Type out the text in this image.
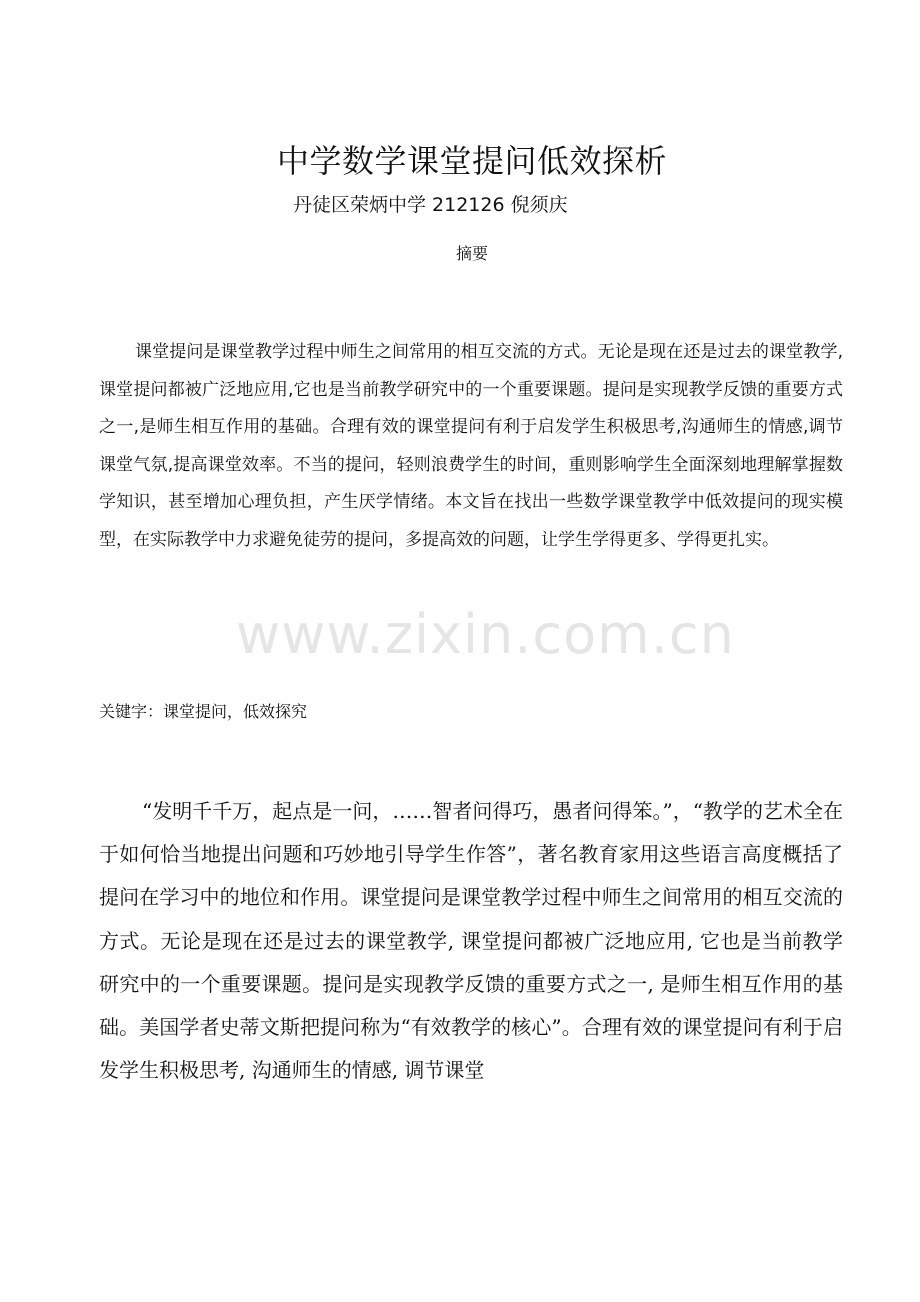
中学数学课堂提问低效探析
丹徒区荣炳中学 212126 倪须庆
摘要

课堂提问是课堂教学过程中师生之间常用的相互交流的方式。无论是现在还是过去的课堂教学,课堂提问都被广泛地应用,它也是当前教学研究中的一个重要课题。提问是实现教学反馈的重要方式之一,是师生相互作用的基础。合理有效的课堂提问有利于启发学生积极思考,沟通师生的情感,调节课堂气氛,提高课堂效率。不当的提问，轻则浪费学生的时间，重则影响学生全面深刻地理解掌握数学知识，甚至增加心理负担，产生厌学情绪。本文旨在找出一些数学课堂教学中低效提问的现实模型，在实际教学中力求避免徒劳的提问，多提高效的问题，让学生学得更多、学得更扎实。

关键字：课堂提问，低效探究

“发明千千万，起点是一问，……智者问得巧，愚者问得笨。”，“教学的艺术全在于如何恰当地提出问题和巧妙地引导学生作答”，著名教育家用这些语言高度概括了提问在学习中的地位和作用。课堂提问是课堂教学过程中师生之间常用的相互交流的方式。无论是现在还是过去的课堂教学, 课堂提问都被广泛地应用, 它也是当前教学研究中的一个重要课题。提问是实现教学反馈的重要方式之一, 是师生相互作用的基础。美国学者史蒂文斯把提问称为“有效教学的核心”。合理有效的课堂提问有利于启发学生积极思考, 沟通师生的情感, 调节课堂

www.zixin.com.cn
